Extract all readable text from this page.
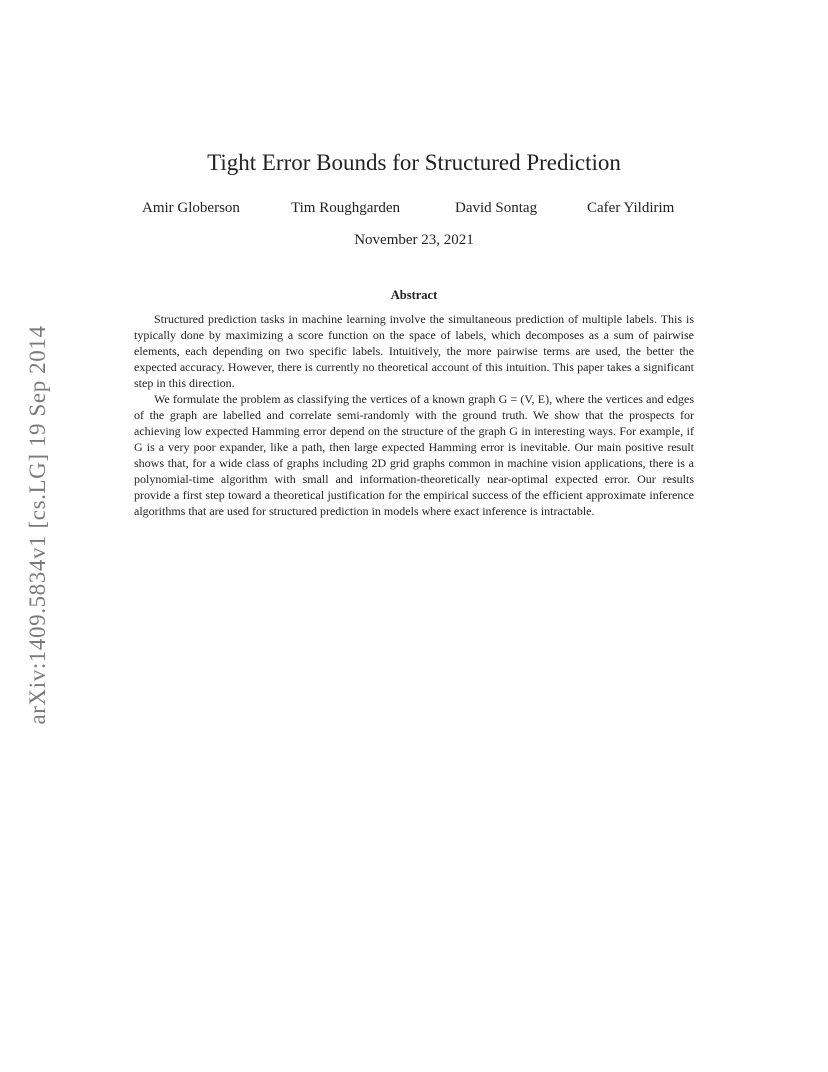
arXiv:1409.5834v1 [cs.LG] 19 Sep 2014
Tight Error Bounds for Structured Prediction
Amir Globerson	Tim Roughgarden	David Sontag	Cafer Yildirim
November 23, 2021
Abstract

Structured prediction tasks in machine learning involve the simultaneous prediction of multiple labels. This is typically done by maximizing a score function on the space of labels, which decomposes as a sum of pairwise elements, each depending on two specific labels. Intuitively, the more pairwise terms are used, the better the expected accuracy. However, there is currently no theoretical account of this intuition. This paper takes a significant step in this direction.

We formulate the problem as classifying the vertices of a known graph G = (V, E), where the vertices and edges of the graph are labelled and correlate semi-randomly with the ground truth. We show that the prospects for achieving low expected Hamming error depend on the structure of the graph G in interesting ways. For example, if G is a very poor expander, like a path, then large expected Hamming error is inevitable. Our main positive result shows that, for a wide class of graphs including 2D grid graphs common in machine vision applications, there is a polynomial-time algorithm with small and information-theoretically near-optimal expected error. Our results provide a first step toward a theoretical justification for the empirical success of the efficient approximate inference algorithms that are used for structured prediction in models where exact inference is intractable.
